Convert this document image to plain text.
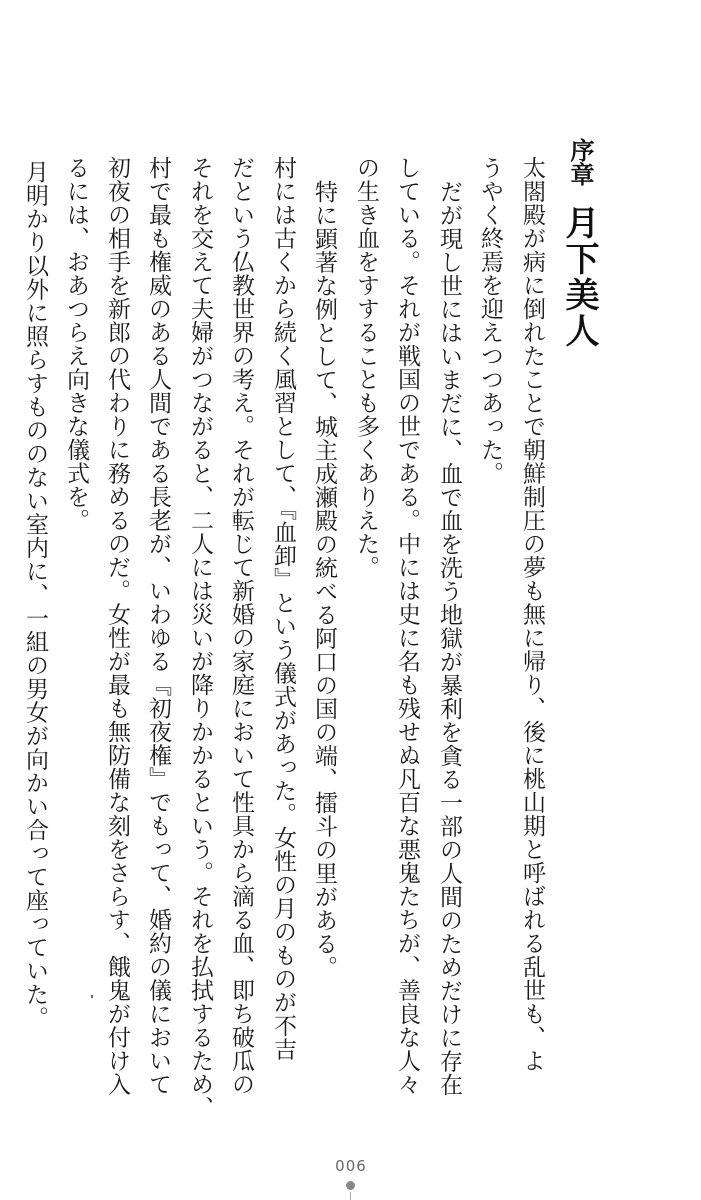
序章
月下美人
太閤殿が病に倒れたことで朝鮮制圧の夢も無に帰り、後に桃山期と呼ばれる乱世も、よ
うやく終焉を迎えつつあった。
だが現し世にはいまだに、血で血を洗う地獄が暴利を貪る一部の人間のためだけに存在
している。それが戦国の世である。中には史に名も残せぬ凡百な悪鬼たちが、善良な人々
の生き血をすすることも多くありえた。
特に顕著な例として、城主成瀬殿の統べる阿口の国の端、擂斗の里がある。
村には古くから続く風習として、『血卸』という儀式があった。女性の月のものが不吉
だという仏教世界の考え。それが転じて新婚の家庭において性具から滴る血、即ち破瓜の
それを交えて夫婦がつながると、二人には災いが降りかかるという。それを払拭するため、
村で最も権威のある人間である長老が、いわゆる『初夜権』でもって、婚約の儀において
初夜の相手を新郎の代わりに務めるのだ。女性が最も無防備な刻をさらす、餓鬼が付け入
るには、おあつらえ向きな儀式を。
月明かり以外に照らすもののない室内に、一組の男女が向かい合って座っていた。
006
